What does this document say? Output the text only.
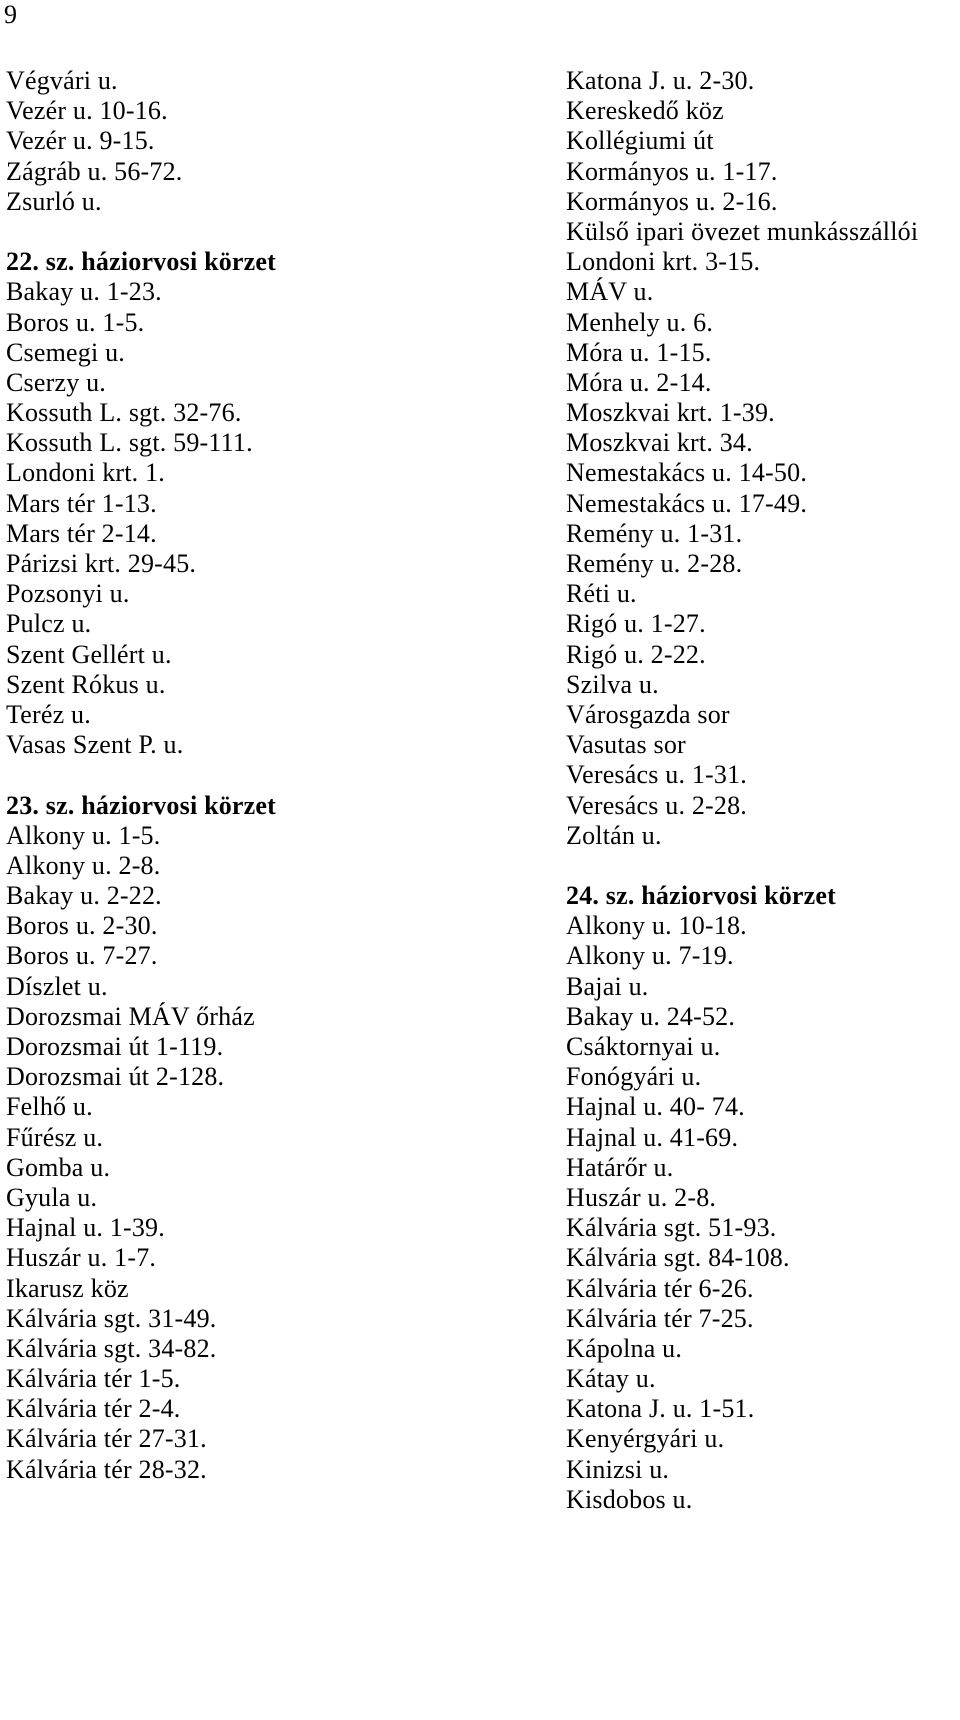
9
Végvári u.
Vezér u. 10-16.
Vezér u. 9-15.
Zágráb u. 56-72.
Zsurló u.
22. sz. háziorvosi körzet
Bakay u. 1-23.
Boros u. 1-5.
Csemegi u.
Cserzy u.
Kossuth L. sgt. 32-76.
Kossuth L. sgt. 59-111.
Londoni krt. 1.
Mars tér 1-13.
Mars tér 2-14.
Párizsi krt. 29-45.
Pozsonyi u.
Pulcz u.
Szent Gellért u.
Szent Rókus u.
Teréz u.
Vasas Szent P. u.
23. sz. háziorvosi körzet
Alkony u. 1-5.
Alkony u. 2-8.
Bakay u. 2-22.
Boros u. 2-30.
Boros u. 7-27.
Díszlet u.
Dorozsmai MÁV őrház
Dorozsmai út 1-119.
Dorozsmai út 2-128.
Felhő u.
Fűrész u.
Gomba u.
Gyula u.
Hajnal u. 1-39.
Huszár u. 1-7.
Ikarusz köz
Kálvária sgt. 31-49.
Kálvária sgt. 34-82.
Kálvária tér 1-5.
Kálvária tér 2-4.
Kálvária tér 27-31.
Kálvária tér 28-32.
Katona J. u. 2-30.
Kereskedő köz
Kollégiumi út
Kormányos u. 1-17.
Kormányos u. 2-16.
Külső ipari övezet munkásszállói
Londoni krt. 3-15.
MÁV u.
Menhely u. 6.
Móra u. 1-15.
Móra u. 2-14.
Moszkvai krt. 1-39.
Moszkvai krt. 34.
Nemestakács u. 14-50.
Nemestakács u. 17-49.
Remény u. 1-31.
Remény u. 2-28.
Réti u.
Rigó u. 1-27.
Rigó u. 2-22.
Szilva u.
Városgazda sor
Vasutas sor
Veresács u. 1-31.
Veresács u. 2-28.
Zoltán u.
24. sz. háziorvosi körzet
Alkony u. 10-18.
Alkony u. 7-19.
Bajai u.
Bakay u. 24-52.
Csáktornyai u.
Fonógyári u.
Hajnal u. 40- 74.
Hajnal u. 41-69.
Határőr u.
Huszár u. 2-8.
Kálvária sgt. 51-93.
Kálvária sgt. 84-108.
Kálvária tér 6-26.
Kálvária tér 7-25.
Kápolna u.
Kátay u.
Katona J. u. 1-51.
Kenyérgyári u.
Kinizsi u.
Kisdobos u.
